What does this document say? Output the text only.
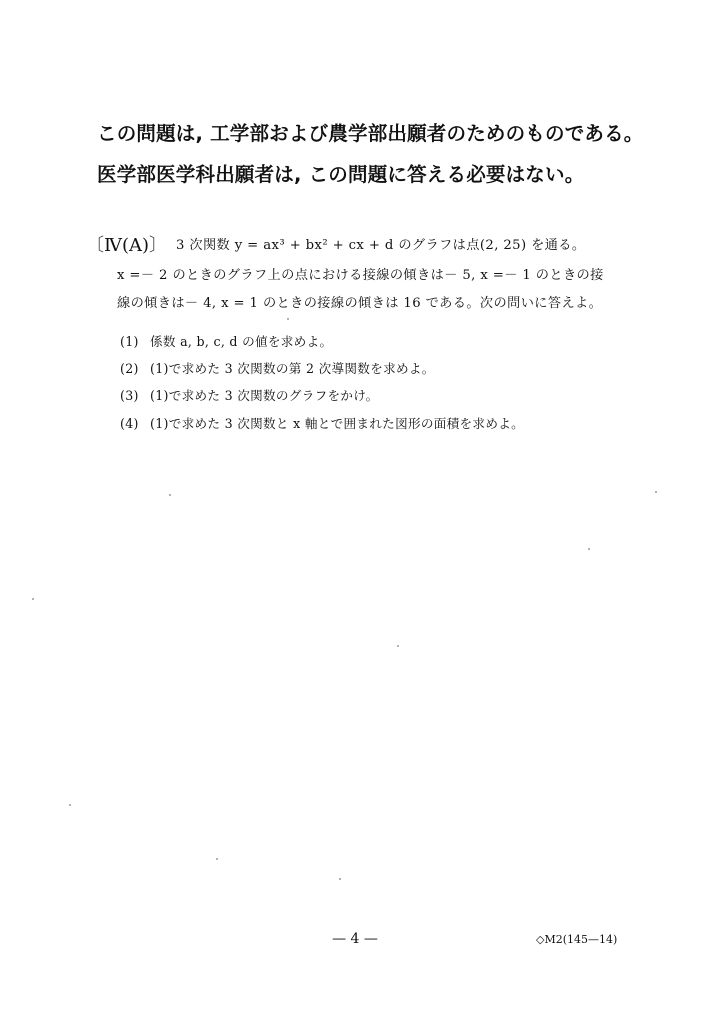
この問題は, 工学部および農学部出願者のためのものである。
医学部医学科出願者は, この問題に答える必要はない。
〔Ⅳ(A)〕 3 次関数 y = ax³ + bx² + cx + d のグラフは点(2, 25) を通る。
x =－ 2 のときのグラフ上の点における接線の傾きは－ 5, x =－ 1 のときの接
線の傾きは－ 4, x = 1 のときの接線の傾きは 16 である。次の問いに答えよ。
(1) 係数 a, b, c, d の値を求めよ。
(2) (1)で求めた 3 次関数の第 2 次導関数を求めよ。
(3) (1)で求めた 3 次関数のグラフをかけ。
(4) (1)で求めた 3 次関数と x 軸とで囲まれた図形の面積を求めよ。
— 4 —	◇M2(145—14)
